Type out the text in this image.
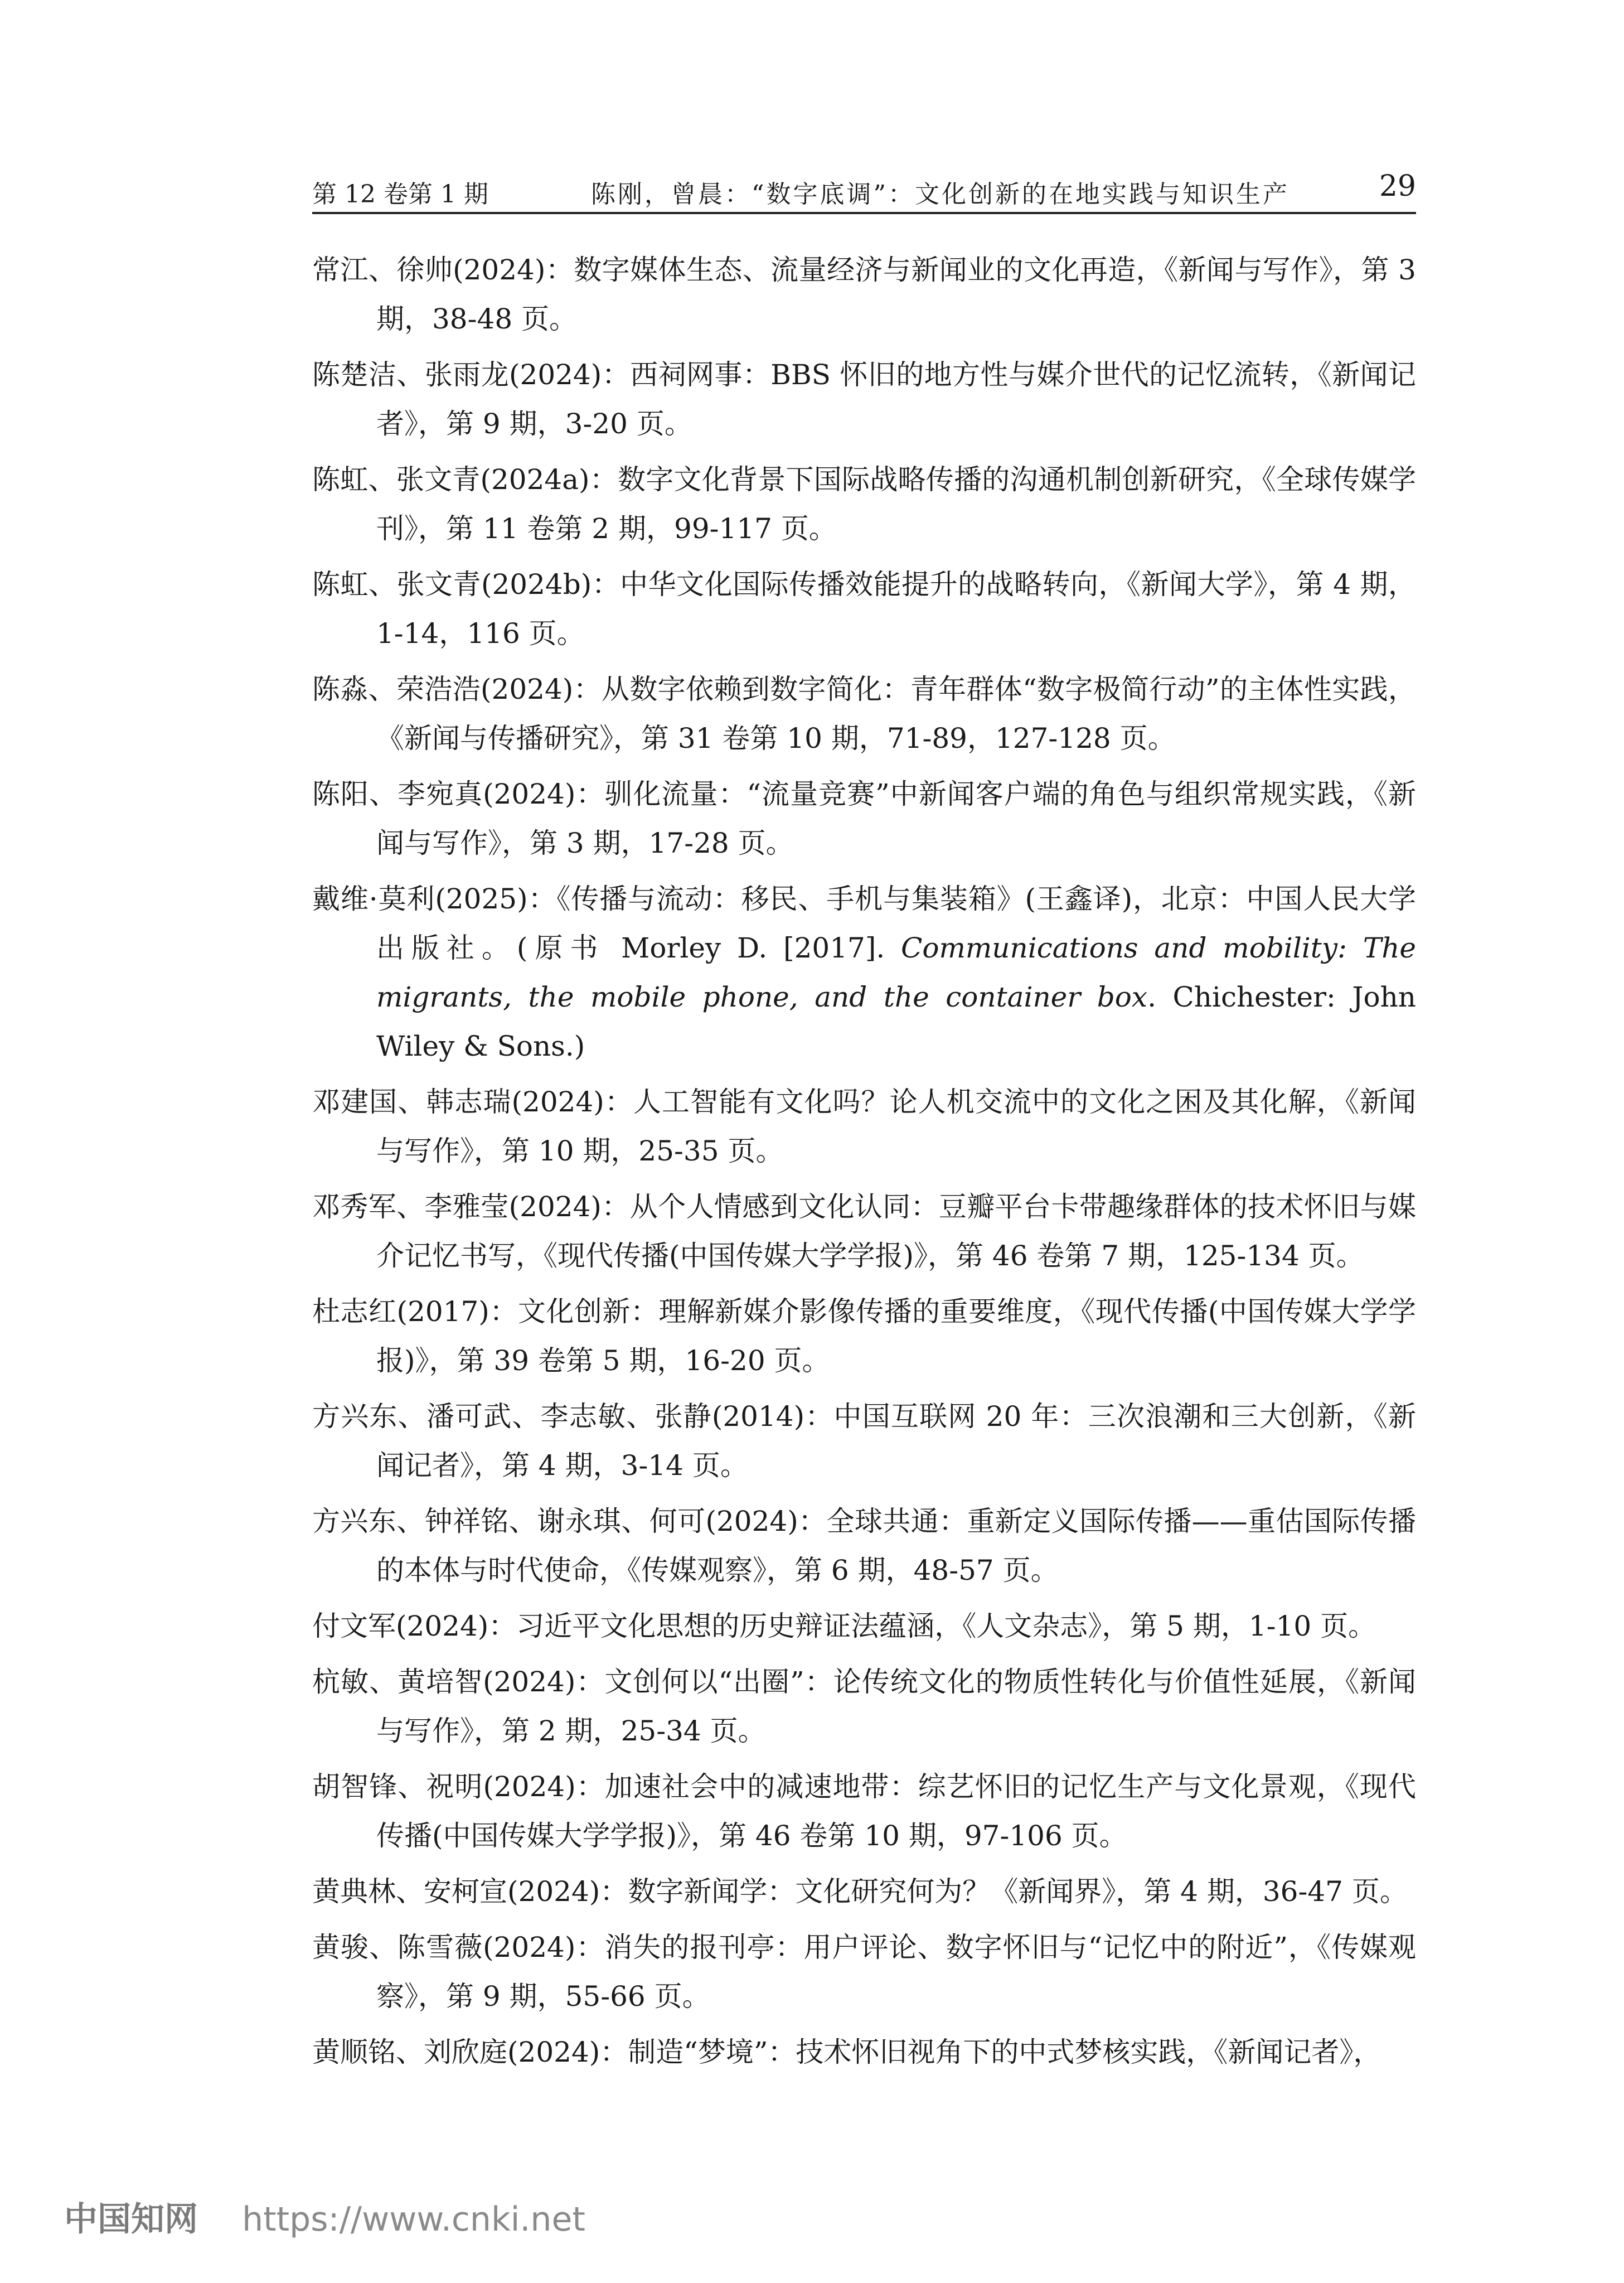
第 12 卷第 1 期	陈刚，曾晨：“数字底调”：文化创新的在地实践与知识生产	29

常江、徐帅(2024)：数字媒体生态、流量经济与新闻业的文化再造，《新闻与写作》，第 3 期，38-48 页。

陈楚洁、张雨龙(2024)：西祠网事：BBS 怀旧的地方性与媒介世代的记忆流转，《新闻记者》，第 9 期，3-20 页。

陈虹、张文青(2024a)：数字文化背景下国际战略传播的沟通机制创新研究，《全球传媒学刊》，第 11 卷第 2 期，99-117 页。

陈虹、张文青(2024b)：中华文化国际传播效能提升的战略转向，《新闻大学》，第 4 期，1-14，116 页。

陈淼、荣浩浩(2024)：从数字依赖到数字简化：青年群体“数字极简行动”的主体性实践，《新闻与传播研究》，第 31 卷第 10 期，71-89，127-128 页。

陈阳、李宛真(2024)：驯化流量：“流量竞赛”中新闻客户端的角色与组织常规实践，《新闻与写作》，第 3 期，17-28 页。

戴维·莫利(2025)：《传播与流动：移民、手机与集装箱》(王鑫译)，北京：中国人民大学出版社。(原书 Morley D. [2017]. Communications and mobility: The migrants, the mobile phone, and the container box. Chichester: John Wiley & Sons.)

邓建国、韩志瑞(2024)：人工智能有文化吗？论人机交流中的文化之困及其化解，《新闻与写作》，第 10 期，25-35 页。

邓秀军、李雅莹(2024)：从个人情感到文化认同：豆瓣平台卡带趣缘群体的技术怀旧与媒介记忆书写，《现代传播(中国传媒大学学报)》，第 46 卷第 7 期，125-134 页。

杜志红(2017)：文化创新：理解新媒介影像传播的重要维度，《现代传播(中国传媒大学学报)》，第 39 卷第 5 期，16-20 页。

方兴东、潘可武、李志敏、张静(2014)：中国互联网 20 年：三次浪潮和三大创新，《新闻记者》，第 4 期，3-14 页。

方兴东、钟祥铭、谢永琪、何可(2024)：全球共通：重新定义国际传播——重估国际传播的本体与时代使命，《传媒观察》，第 6 期，48-57 页。

付文军(2024)：习近平文化思想的历史辩证法蕴涵，《人文杂志》，第 5 期，1-10 页。

杭敏、黄培智(2024)：文创何以“出圈”：论传统文化的物质性转化与价值性延展，《新闻与写作》，第 2 期，25-34 页。

胡智锋、祝明(2024)：加速社会中的减速地带：综艺怀旧的记忆生产与文化景观，《现代传播(中国传媒大学学报)》，第 46 卷第 10 期，97-106 页。

黄典林、安柯宣(2024)：数字新闻学：文化研究何为？《新闻界》，第 4 期，36-47 页。

黄骏、陈雪薇(2024)：消失的报刊亭：用户评论、数字怀旧与“记忆中的附近”，《传媒观察》，第 9 期，55-66 页。

黄顺铭、刘欣庭(2024)：制造“梦境”：技术怀旧视角下的中式梦核实践，《新闻记者》，

中国知网 https://www.cnki.net
